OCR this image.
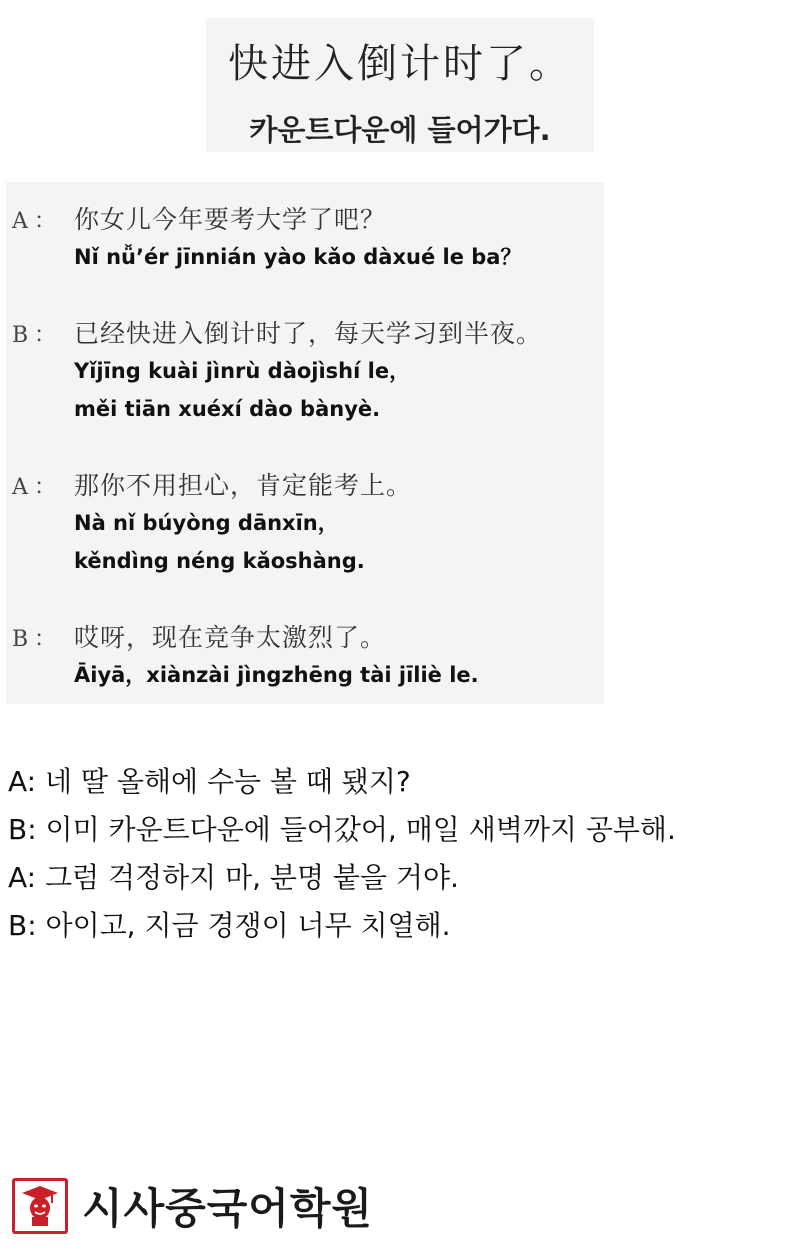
快进入倒计时了。
카운트다운에 들어가다.
A ： 你女儿今年要考大学了吧？
Nǐ nǚ’ér jīnnián yào kǎo dàxué le ba？
B ： 已经快进入倒计时了，每天学习到半夜。
Yǐjīng kuài jìnrù dàojìshí le，
měi tiān xuéxí dào bànyè.
A ： 那你不用担心，肯定能考上。
Nà nǐ búyòng dānxīn，
kěndìng néng kǎoshàng.
B ： 哎呀，现在竞争太激烈了。
Āiyā，xiànzài jìngzhēng tài jīliè le.
A: 네 딸 올해에 수능 볼 때 됐지?
B: 이미 카운트다운에 들어갔어, 매일 새벽까지 공부해.
A: 그럼 걱정하지 마, 분명 붙을 거야.
B: 아이고, 지금 경쟁이 너무 치열해.
시사중국어학원
